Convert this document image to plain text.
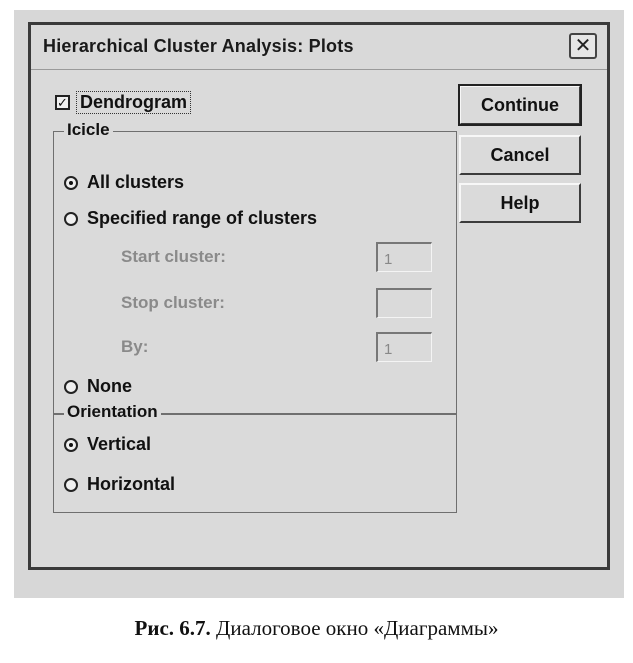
Hierarchical Cluster Analysis: Plots	✕
✓ Dendrogram
Icicle
All clusters
Specified range of clusters
Start cluster:
1
Stop cluster:
By:
1
None
Orientation
Vertical
Horizontal
Continue
Cancel
Help
Рис. 6.7. Диалоговое окно «Диаграммы»
